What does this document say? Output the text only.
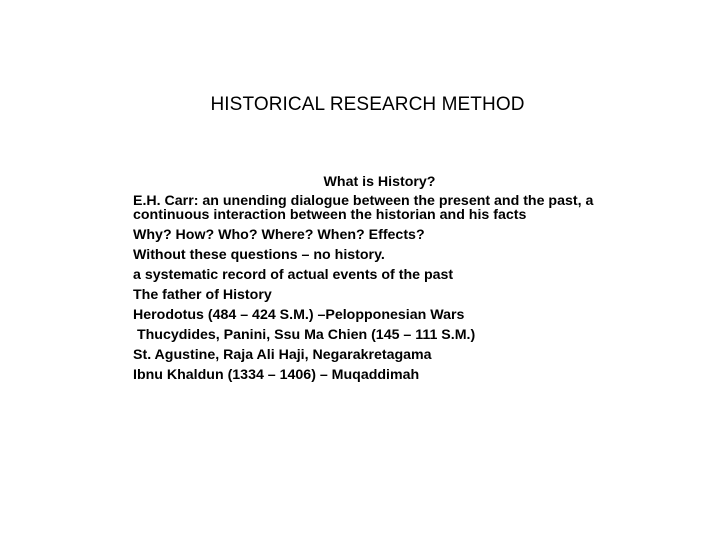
HISTORICAL RESEARCH METHOD

What is History?

E.H. Carr: an unending dialogue between the present and the past, a continuous interaction between the historian and his facts

Why? How? Who? Where? When? Effects?

Without these questions – no history.

a systematic record of actual events of the past

The father of History

Herodotus (484 – 424 S.M.) –Pelopponesian Wars

Thucydides, Panini, Ssu Ma Chien (145 – 111 S.M.)

St. Agustine, Raja Ali Haji, Negarakretagama

Ibnu Khaldun (1334 – 1406) – Muqaddimah
